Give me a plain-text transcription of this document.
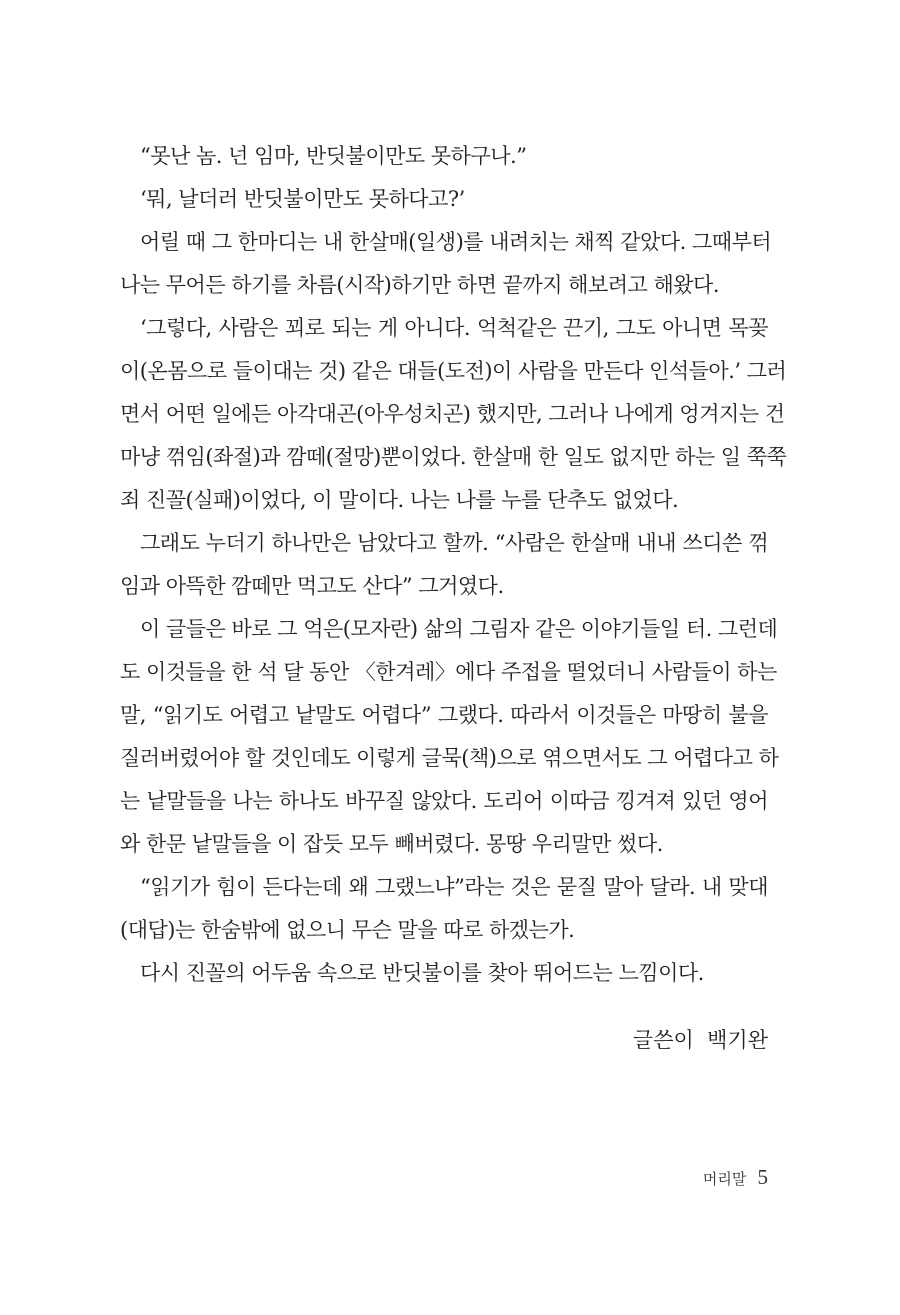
“못난 놈. 넌 임마, 반딧불이만도 못하구나.”
‘뭐, 날더러 반딧불이만도 못하다고?’
어릴 때 그 한마디는 내 한살매(일생)를 내려치는 채찍 같았다. 그때부터
나는 무어든 하기를 차름(시작)하기만 하면 끝까지 해보려고 해왔다.
‘그렇다, 사람은 꾀로 되는 게 아니다. 억척같은 끈기, 그도 아니면 목꽂
이(온몸으로 들이대는 것) 같은 대들(도전)이 사람을 만든다 인석들아.’ 그러
면서 어떤 일에든 아각대곤(아우성치곤) 했지만, 그러나 나에게 엉겨지는 건
마냥 꺾임(좌절)과 깜떼(절망)뿐이었다. 한살매 한 일도 없지만 하는 일 쭉쭉
죄 진꼴(실패)이었다, 이 말이다. 나는 나를 누를 단추도 없었다.
그래도 누더기 하나만은 남았다고 할까. “사람은 한살매 내내 쓰디쓴 꺾
임과 아뜩한 깜떼만 먹고도 산다” 그거였다.
이 글들은 바로 그 억은(모자란) 삶의 그림자 같은 이야기들일 터. 그런데
도 이것들을 한 석 달 동안 〈한겨레〉에다 주접을 떨었더니 사람들이 하는
말, “읽기도 어렵고 낱말도 어렵다” 그랬다. 따라서 이것들은 마땅히 불을
질러버렸어야 할 것인데도 이렇게 글묵(책)으로 엮으면서도 그 어렵다고 하
는 낱말들을 나는 하나도 바꾸질 않았다. 도리어 이따금 낑겨져 있던 영어
와 한문 낱말들을 이 잡듯 모두 빼버렸다. 몽땅 우리말만 썼다.
“읽기가 힘이 든다는데 왜 그랬느냐”라는 것은 묻질 말아 달라. 내 맞대
(대답)는 한숨밖에 없으니 무슨 말을 따로 하겠는가.
다시 진꼴의 어두움 속으로 반딧불이를 찾아 뛰어드는 느낌이다.
글쓴이  백기완
머리말 5
